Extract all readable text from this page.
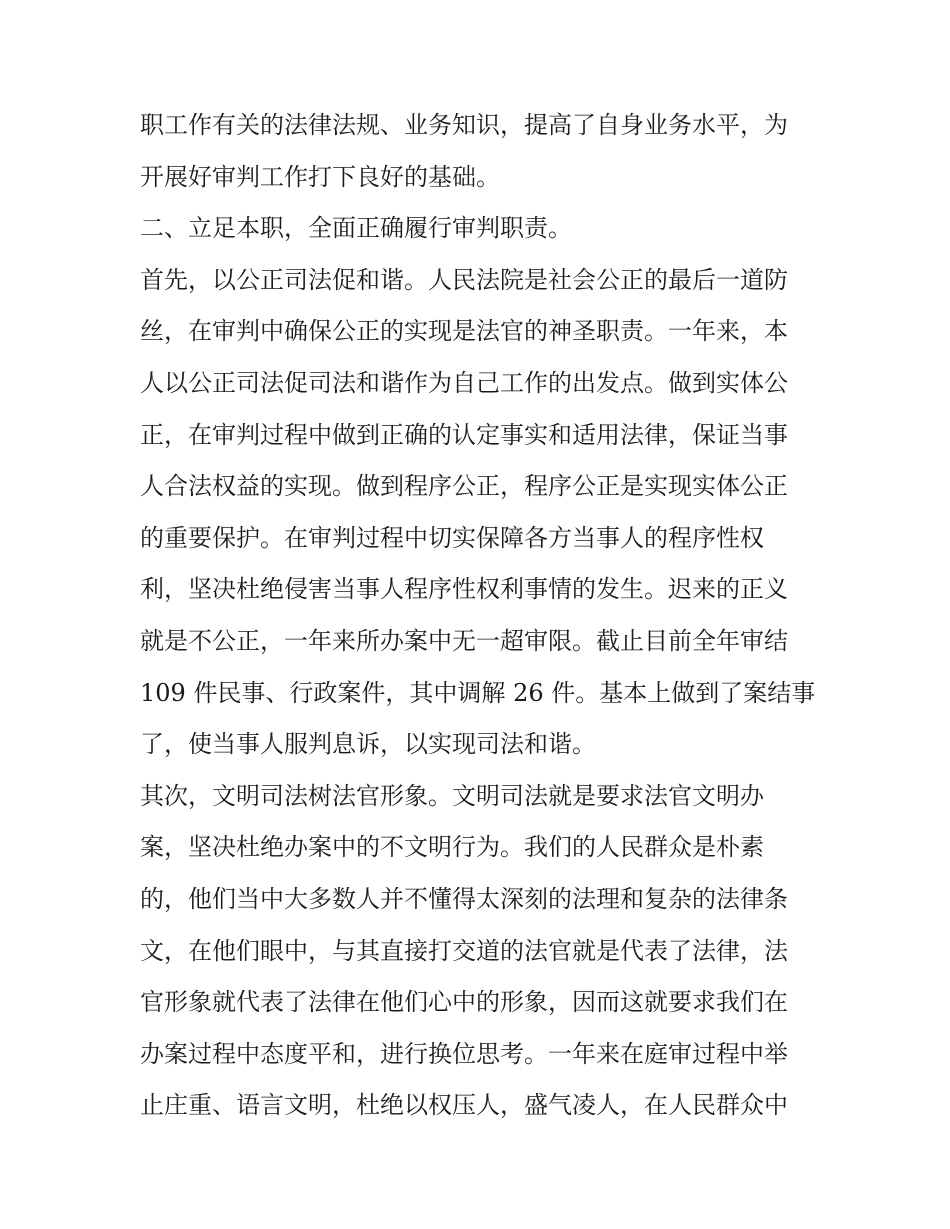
职工作有关的法律法规、业务知识，提高了自身业务水平，为
开展好审判工作打下良好的基础。
二、立足本职，全面正确履行审判职责。
首先，以公正司法促和谐。人民法院是社会公正的最后一道防
丝，在审判中确保公正的实现是法官的神圣职责。一年来，本
人以公正司法促司法和谐作为自己工作的出发点。做到实体公
正，在审判过程中做到正确的认定事实和适用法律，保证当事
人合法权益的实现。做到程序公正，程序公正是实现实体公正
的重要保护。在审判过程中切实保障各方当事人的程序性权
利，坚决杜绝侵害当事人程序性权利事情的发生。迟来的正义
就是不公正，一年来所办案中无一超审限。截止目前全年审结
109 件民事、行政案件，其中调解 26 件。基本上做到了案结事
了，使当事人服判息诉，以实现司法和谐。
其次，文明司法树法官形象。文明司法就是要求法官文明办
案，坚决杜绝办案中的不文明行为。我们的人民群众是朴素
的，他们当中大多数人并不懂得太深刻的法理和复杂的法律条
文，在他们眼中，与其直接打交道的法官就是代表了法律，法
官形象就代表了法律在他们心中的形象，因而这就要求我们在
办案过程中态度平和，进行换位思考。一年来在庭审过程中举
止庄重、语言文明，杜绝以权压人，盛气凌人，在人民群众中
